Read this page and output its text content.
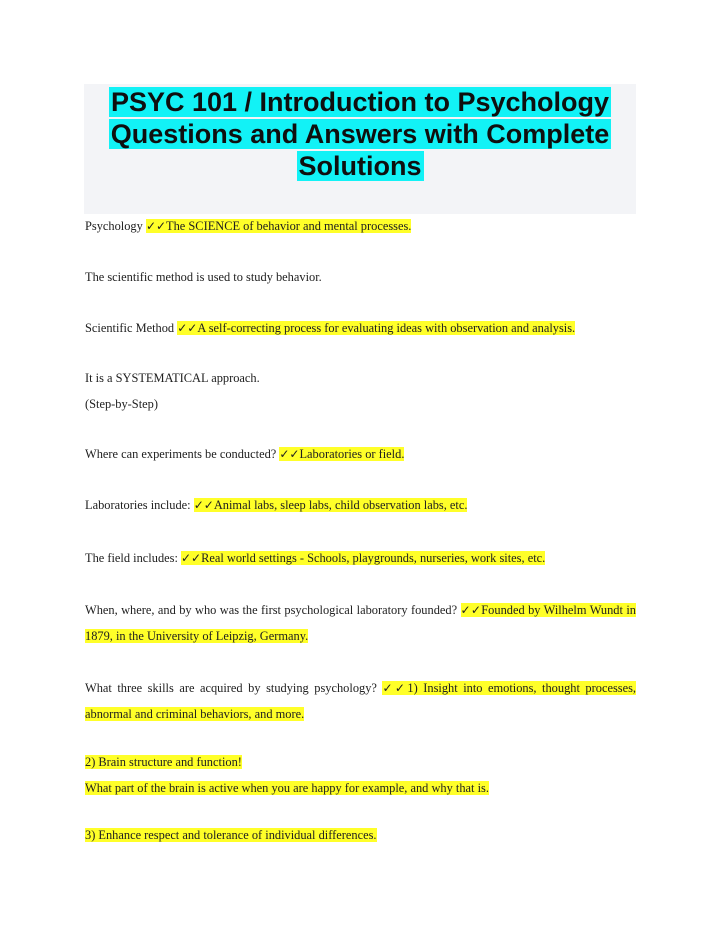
PSYC 101 / Introduction to Psychology
Questions and Answers with Complete
Solutions
Psychology ✓✓The SCIENCE of behavior and mental processes.
The scientific method is used to study behavior.
Scientific Method ✓✓A self-correcting process for evaluating ideas with observation and analysis.
It is a SYSTEMATICAL approach.
(Step-by-Step)
Where can experiments be conducted? ✓✓Laboratories or field.
Laboratories include: ✓✓Animal labs, sleep labs, child observation labs, etc.
The field includes: ✓✓Real world settings - Schools, playgrounds, nurseries, work sites, etc.
When, where, and by who was the first psychological laboratory founded? ✓✓Founded by Wilhelm Wundt in 1879, in the University of Leipzig, Germany.
What three skills are acquired by studying psychology? ✓✓1) Insight into emotions, thought processes, abnormal and criminal behaviors, and more.
2) Brain structure and function!
What part of the brain is active when you are happy for example, and why that is.
3) Enhance respect and tolerance of individual differences.
